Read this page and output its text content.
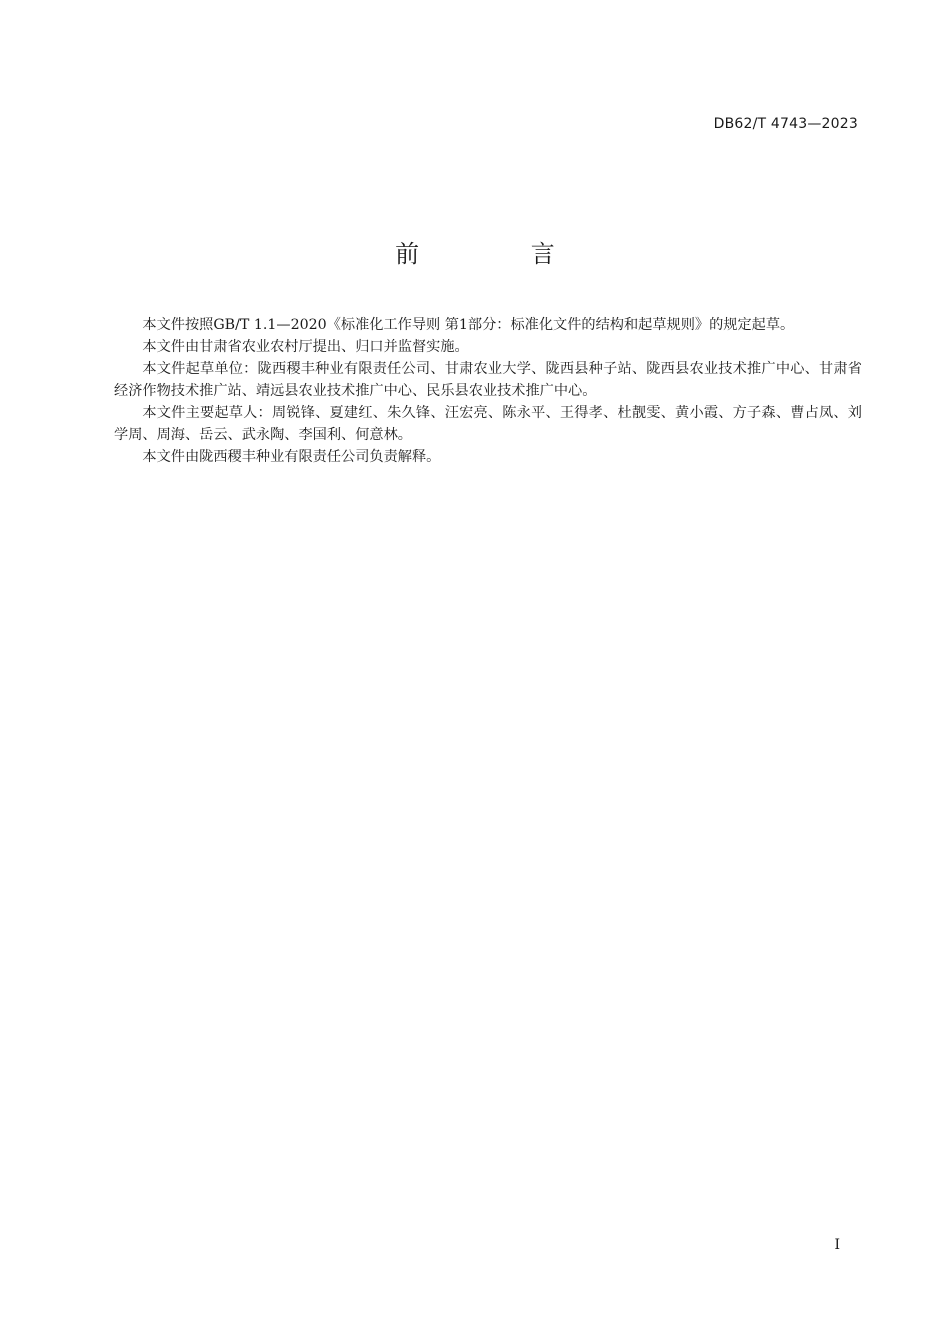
DB62/T 4743—2023
前 言

本文件按照GB/T 1.1—2020《标准化工作导则 第1部分：标准化文件的结构和起草规则》的规定起草。

本文件由甘肃省农业农村厅提出、归口并监督实施。

本文件起草单位：陇西稷丰种业有限责任公司、甘肃农业大学、陇西县种子站、陇西县农业技术推广中心、甘肃省经济作物技术推广站、靖远县农业技术推广中心、民乐县农业技术推广中心。

本文件主要起草人：周锐锋、夏建红、朱久锋、汪宏亮、陈永平、王得孝、杜靓雯、黄小霞、方子森、曹占凤、刘学周、周海、岳云、武永陶、李国利、何意林。

本文件由陇西稷丰种业有限责任公司负责解释。

I
